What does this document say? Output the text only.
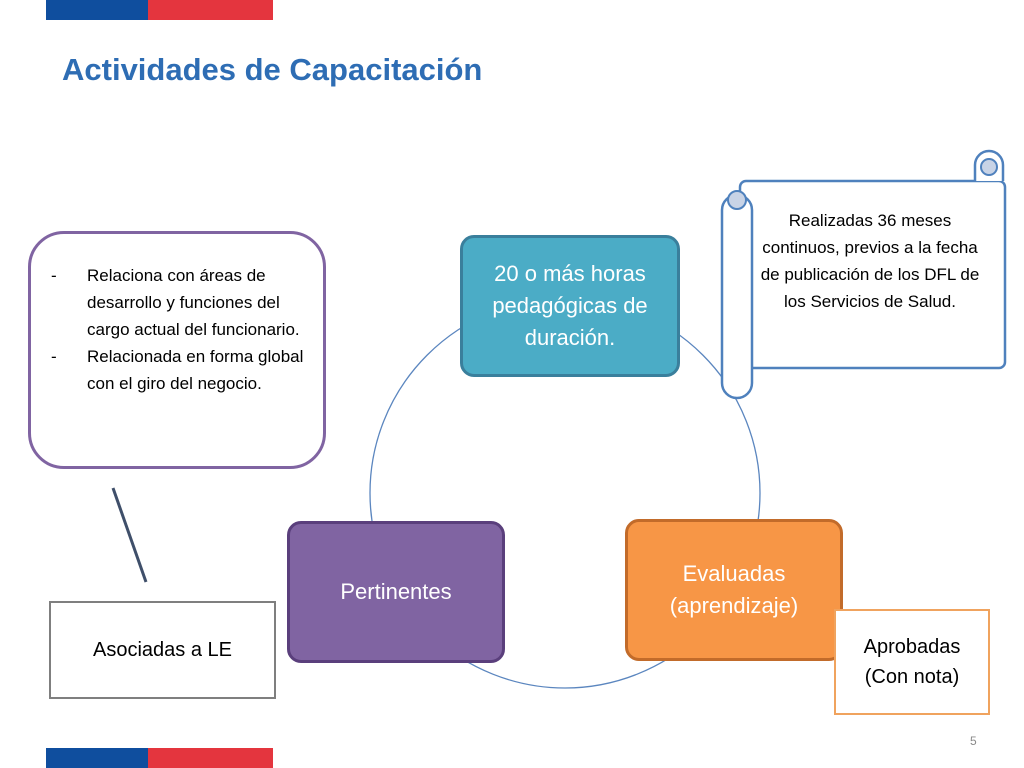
Actividades de Capacitación
20 o más horas pedagógicas de duración.
Evaluadas (aprendizaje)
Pertinentes
- Relaciona con áreas de desarrollo y funciones del cargo actual del funcionario.
- Relacionada en forma global con el giro del negocio.
Asociadas a LE	Aprobadas (Con nota)
Realizadas 36 meses continuos, previos a la fecha de publicación de los DFL de los Servicios de Salud.
5
